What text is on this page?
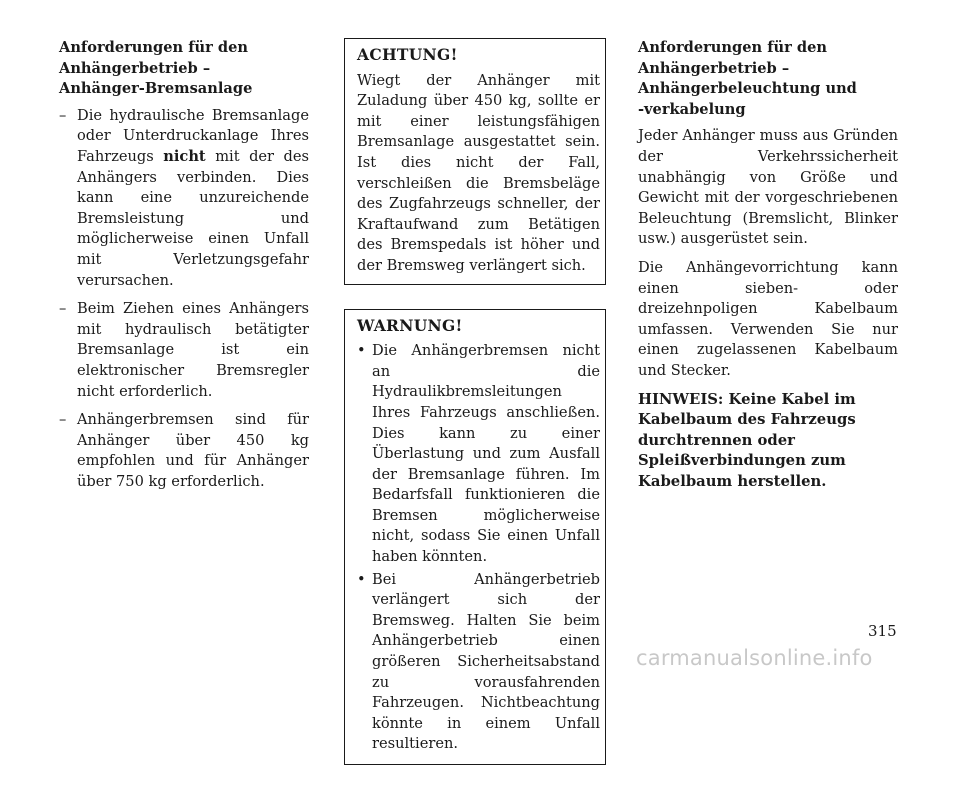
Anforderungen für den
Anhängerbetrieb –
Anhänger-Bremsanlage
– Die hydraulische Bremsanlage oder Unterdruckanlage Ihres Fahrzeugs nicht mit der des Anhängers verbinden. Dies kann eine unzureichende Bremsleistung und möglicherweise einen Unfall mit Verletzungsgefahr verursachen.
– Beim Ziehen eines Anhängers mit hydraulisch betätigter Bremsanlage ist ein elektronischer Bremsregler nicht erforderlich.
– Anhängerbremsen sind für Anhänger über 450 kg empfohlen und für Anhänger über 750 kg erforderlich.
ACHTUNG!

Wiegt der Anhänger mit Zuladung über 450 kg, sollte er mit einer leistungsfähigen Bremsanlage ausgestattet sein. Ist dies nicht der Fall, verschleißen die Bremsbeläge des Zugfahrzeugs schneller, der Kraftaufwand zum Betätigen des Bremspedals ist höher und der Bremsweg verlängert sich.

WARNUNG!
• Die Anhängerbremsen nicht an die Hydraulikbremsleitungen Ihres Fahrzeugs anschließen. Dies kann zu einer Überlastung und zum Ausfall der Bremsanlage führen. Im Bedarfsfall funktionieren die Bremsen möglicherweise nicht, sodass Sie einen Unfall haben könnten.
• Bei Anhängerbetrieb verlängert sich der Bremsweg. Halten Sie beim Anhängerbetrieb einen größeren Sicherheitsabstand zu vorausfahrenden Fahrzeugen. Nichtbeachtung könnte in einem Unfall resultieren.
Anforderungen für den
Anhängerbetrieb –
Anhängerbeleuchtung und
-verkabelung

Jeder Anhänger muss aus Gründen der Verkehrssicherheit unabhängig von Größe und Gewicht mit der vorgeschriebenen Beleuchtung (Bremslicht, Blinker usw.) ausgerüstet sein.

Die Anhängevorrichtung kann einen sieben- oder dreizehnpoligen Kabelbaum umfassen. Verwenden Sie nur einen zugelassenen Kabelbaum und Stecker.

HINWEIS: Keine Kabel im Kabelbaum des Fahrzeugs durchtrennen oder Spleißverbindungen zum Kabelbaum herstellen.

315
carmanualsonline.info
